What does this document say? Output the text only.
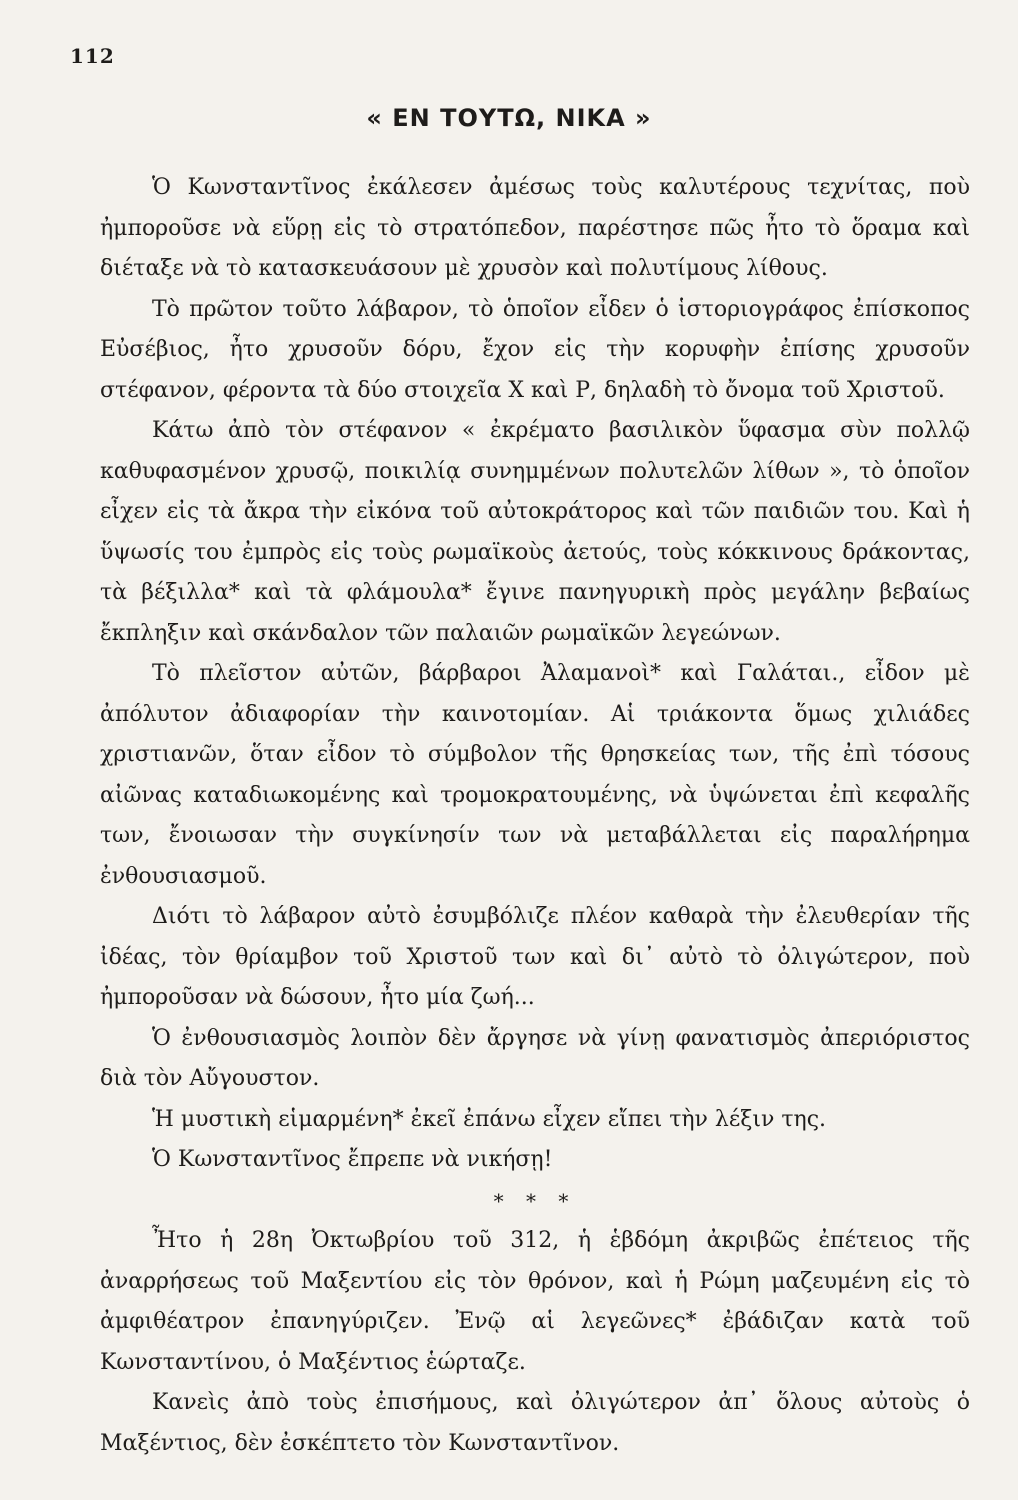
112
« ΕΝ ΤΟΥΤΩ, ΝΙΚΑ »

Ὁ Κωνσταντῖνος ἐκάλεσεν ἀμέσως τοὺς καλυτέρους τεχνίτας, ποὺ ἠμποροῦσε νὰ εὕρῃ εἰς τὸ στρατόπεδον, παρέστησε πῶς ἦτο τὸ ὅραμα καὶ διέταξε νὰ τὸ κατασκευάσουν μὲ χρυσὸν καὶ πολυτίμους λίθους.

Τὸ πρῶτον τοῦτο λάβαρον, τὸ ὁποῖον εἶδεν ὁ ἱστοριογράφος ἐπίσκοπος Εὐσέβιος, ἦτο χρυσοῦν δόρυ, ἔχον εἰς τὴν κορυφὴν ἐπίσης χρυσοῦν στέφανον, φέροντα τὰ δύο στοιχεῖα Χ καὶ Ρ, δηλαδὴ τὸ ὄνομα τοῦ Χριστοῦ.

Κάτω ἀπὸ τὸν στέφανον « ἐκρέματο βασιλικὸν ὕφασμα σὺν πολλῷ καθυφασμένον χρυσῷ, ποικιλίᾳ συνημμένων πολυτελῶν λίθων », τὸ ὁποῖον εἶχεν εἰς τὰ ἄκρα τὴν εἰκόνα τοῦ αὐτοκράτορος καὶ τῶν παιδιῶν του. Καὶ ἡ ὕψωσίς του ἐμπρὸς εἰς τοὺς ρωμαϊκοὺς ἀετούς, τοὺς κόκκινους δράκοντας, τὰ βέξιλλα* καὶ τὰ φλάμουλα* ἔγινε πανηγυρικὴ πρὸς μεγάλην βεβαίως ἔκπληξιν καὶ σκάνδαλον τῶν παλαιῶν ρωμαϊκῶν λεγεώνων.

Τὸ πλεῖστον αὐτῶν, βάρβαροι Ἀλαμανοὶ* καὶ Γαλάται., εἶδον μὲ ἀπόλυτον ἀδιαφορίαν τὴν καινοτομίαν. Αἱ τριάκοντα ὅμως χιλιάδες χριστιανῶν, ὅταν εἶδον τὸ σύμβολον τῆς θρησκείας των, τῆς ἐπὶ τόσους αἰῶνας καταδιωκομένης καὶ τρομοκρατουμένης, νὰ ὑψώνεται ἐπὶ κεφαλῆς των, ἔνοιωσαν τὴν συγκίνησίν των νὰ μεταβάλλεται εἰς παραλήρημα ἐνθουσιασμοῦ.

Διότι τὸ λάβαρον αὐτὸ ἐσυμβόλιζε πλέον καθαρὰ τὴν ἐλευθερίαν τῆς ἰδέας, τὸν θρίαμβον τοῦ Χριστοῦ των καὶ δι᾽ αὐτὸ τὸ ὀλιγώτερον, ποὺ ἠμποροῦσαν νὰ δώσουν, ἦτο μία ζωή...

Ὁ ἐνθουσιασμὸς λοιπὸν δὲν ἄργησε νὰ γίνῃ φανατισμὸς ἀπεριόριστος διὰ τὸν Αὔγουστον.

Ἡ μυστικὴ εἱμαρμένη* ἐκεῖ ἐπάνω εἶχεν εἴπει τὴν λέξιν της.

Ὁ Κωνσταντῖνος ἔπρεπε νὰ νικήσῃ!

* * *

Ἦτο ἡ 28η Ὀκτωβρίου τοῦ 312, ἡ ἑβδόμη ἀκριβῶς ἐπέτειος τῆς ἀναρρήσεως τοῦ Μαξεντίου εἰς τὸν θρόνον, καὶ ἡ Ρώμη μαζευμένη εἰς τὸ ἀμφιθέατρον ἐπανηγύριζεν. Ἐνῷ αἱ λεγεῶνες* ἐβάδιζαν κατὰ τοῦ Κωνσταντίνου, ὁ Μαξέντιος ἑώρταζε.

Κανεὶς ἀπὸ τοὺς ἐπισήμους, καὶ ὀλιγώτερον ἀπ᾽ ὅλους αὐτοὺς ὁ Μαξέντιος, δὲν ἐσκέπτετο τὸν Κωνσταντῖνον.
